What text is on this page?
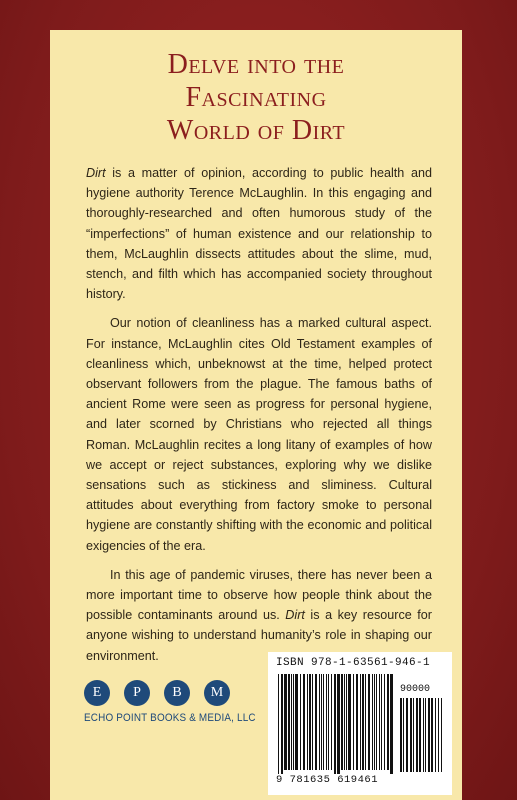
Delve into the
Fascinating
World of Dirt

Dirt is a matter of opinion, according to public health and hygiene authority Terence McLaughlin. In this engaging and thoroughly-researched and often humorous study of the “imperfections” of human existence and our relationship to them, McLaughlin dissects attitudes about the slime, mud, stench, and filth which has accompanied society throughout history.

Our notion of cleanliness has a marked cultural aspect. For instance, McLaughlin cites Old Testament examples of cleanliness which, unbeknowst at the time, helped protect observant followers from the plague. The famous baths of ancient Rome were seen as progress for personal hygiene, and later scorned by Christians who rejected all things Roman. McLaughlin recites a long litany of examples of how we accept or reject substances, exploring why we dislike sensations such as stickiness and sliminess. Cultural attitudes about everything from factory smoke to personal hygiene are constantly shifting with the economic and political exigencies of the era.

In this age of pandemic viruses, there has never been a more important time to observe how people think about the possible contaminants around us. Dirt is a key resource for anyone wishing to understand humanity’s role in shaping our environment.

E	P	B	M
ECHO POINT BOOKS & MEDIA, LLC
ISBN 978-1-63561-946-1
90000
9 781635 619461
